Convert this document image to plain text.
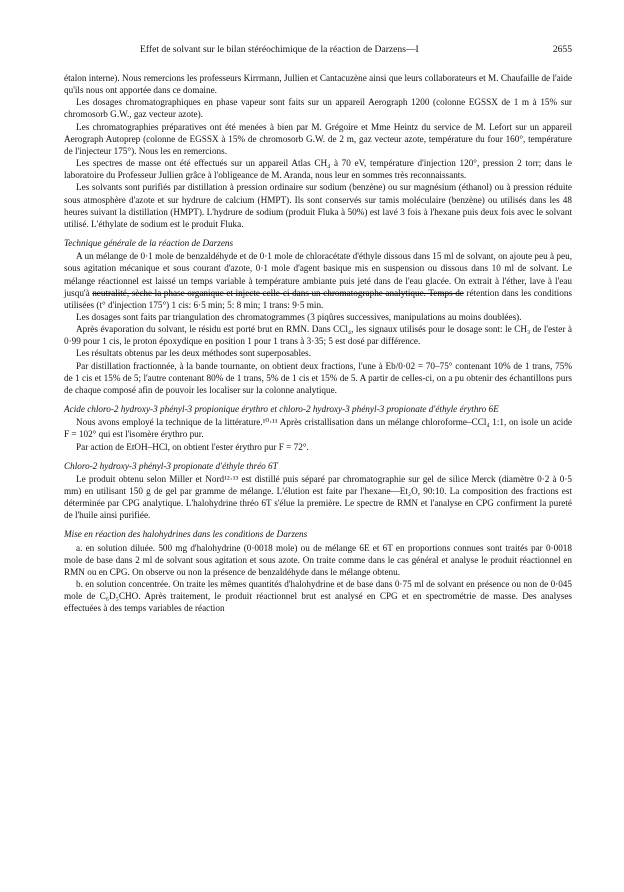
Effet de solvant sur le bilan stéréochimique de la réaction de Darzens—I	2655

étalon interne). Nous remercions les professeurs Kirrmann, Jullien et Cantacuzène ainsi que leurs collaborateurs et M. Chaufaille de l'aide qu'ils nous ont apportée dans ce domaine.

Les dosages chromatographiques en phase vapeur sont faits sur un appareil Aerograph 1200 (colonne EGSSX de 1 m à 15% sur chromosorb G.W., gaz vecteur azote).

Les chromatographies préparatives ont été menées à bien par M. Grégoire et Mme Heintz du service de M. Lefort sur un appareil Aerograph Autoprep (colonne de EGSSX à 15% de chromosorb G.W. de 2 m, gaz vecteur azote, température du four 160°, température de l'injecteur 175°). Nous les en remercions.

Les spectres de masse ont été effectués sur un appareil Atlas CH₄ à 70 eV, température d'injection 120°, pression 2 torr; dans le laboratoire du Professeur Jullien grâce à l'obligeance de M. Aranda, nous leur en sommes très reconnaissants.

Les solvants sont purifiés par distillation à pression ordinaire sur sodium (benzène) ou sur magnésium (éthanol) ou à pression réduite sous atmosphère d'azote et sur hydrure de calcium (HMPT). Ils sont conservés sur tamis moléculaire (benzène) ou utilisés dans les 48 heures suivant la distillation (HMPT). L'hydrure de sodium (produit Fluka à 50%) est lavé 3 fois à l'hexane puis deux fois avec le solvant utilisé. L'éthylate de sodium est le produit Fluka.

Technique générale de la réaction de Darzens

A un mélange de 0·1 mole de benzaldéhyde et de 0·1 mole de chloracétate d'éthyle dissous dans 15 ml de solvant, on ajoute peu à peu, sous agitation mécanique et sous courant d'azote, 0·1 mole d'agent basique mis en suspension ou dissous dans 10 ml de solvant. Le mélange réactionnel est laissé un temps variable à température ambiante puis jeté dans de l'eau glacée. On extrait à l'éther, lave à l'eau jusqu'à neutralité, sèche la phase organique et injecte celle-ci dans un chromatographe analytique. Temps de rétention dans les conditions utilisées (t° d'injection 175°) 1 cis: 6·5 min; 5: 8 min; 1 trans: 9·5 min.

Les dosages sont faits par triangulation des chromatogrammes (3 piqûres successives, manipulations au moins doublées).

Après évaporation du solvant, le résidu est porté brut en RMN. Dans CCl₄, les signaux utilisés pour le dosage sont: le CH₃ de l'ester à 0·99 pour 1 cis, le proton époxydique en position 1 pour 1 trans à 3·35; 5 est dosé par différence.

Les résultats obtenus par les deux méthodes sont superposables.

Par distillation fractionnée, à la bande tournante, on obtient deux fractions, l'une à Eb/0·02 = 70–75° contenant 10% de 1 trans, 75% de 1 cis et 15% de 5; l'autre contenant 80% de 1 trans, 5% de 1 cis et 15% de 5. A partir de celles-ci, on a pu obtenir des échantillons purs de chaque composé afin de pouvoir les localiser sur la colonne analytique.

Acide chloro-2 hydroxy-3 phényl-3 propionique érythro et chloro-2 hydroxy-3 phényl-3 propionate d'éthyle érythro 6E

Nous avons employé la technique de la littérature.¹⁰·¹¹ Après cristallisation dans un mélange chloroforme–CCl₄ 1:1, on isole un acide F = 102° qui est l'isomère érythro pur.

Par action de EtOH–HCl, on obtient l'ester érythro pur F = 72°.

Chloro-2 hydroxy-3 phényl-3 propionate d'éthyle thréo 6T

Le produit obtenu selon Miller et Nord¹²·¹³ est distillé puis séparé par chromatographie sur gel de silice Merck (diamètre 0·2 à 0·5 mm) en utilisant 150 g de gel par gramme de mélange. L'élution est faite par l'hexane—Et₂O, 90:10. La composition des fractions est déterminée par CPG analytique. L'halohydrine thréo 6T s'élue la première. Le spectre de RMN et l'analyse en CPG confirment la pureté de l'huile ainsi purifiée.

Mise en réaction des halohydrines dans les conditions de Darzens

a. en solution diluée. 500 mg d'halohydrine (0·0018 mole) ou de mélange 6E et 6T en proportions connues sont traités par 0·0018 mole de base dans 2 ml de solvant sous agitation et sous azote. On traite comme dans le cas général et analyse le produit réactionnel en RMN ou en CPG. On observe ou non la présence de benzaldéhyde dans le mélange obtenu.

b. en solution concentrée. On traite les mêmes quantités d'halohydrine et de base dans 0·75 ml de solvant en présence ou non de 0·045 mole de C₆D₅CHO. Après traitement, le produit réactionnel brut est analysé en CPG et en spectrométrie de masse. Des analyses effectuées à des temps variables de réaction
